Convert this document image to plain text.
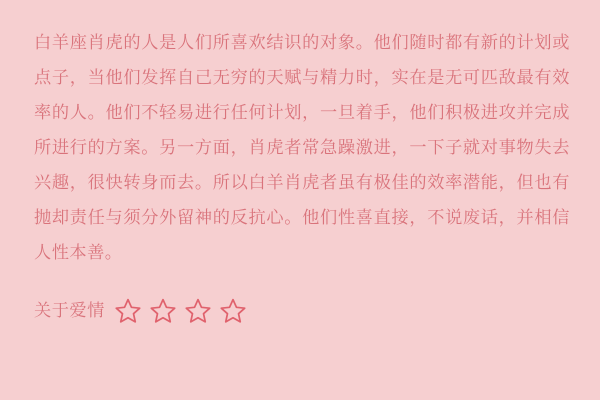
白羊座肖虎的人是人们所喜欢结识的对象。他们随时都有新的计划或点子，当他们发挥自己无穷的天赋与精力时，实在是无可匹敌最有效率的人。他们不轻易进行任何计划，一旦着手，他们积极进攻并完成所进行的方案。另一方面，肖虎者常急躁激进，一下子就对事物失去兴趣，很快转身而去。所以白羊肖虎者虽有极佳的效率潜能，但也有抛却责任与须分外留神的反抗心。他们性喜直接，不说废话，并相信人性本善。

关于爱情
